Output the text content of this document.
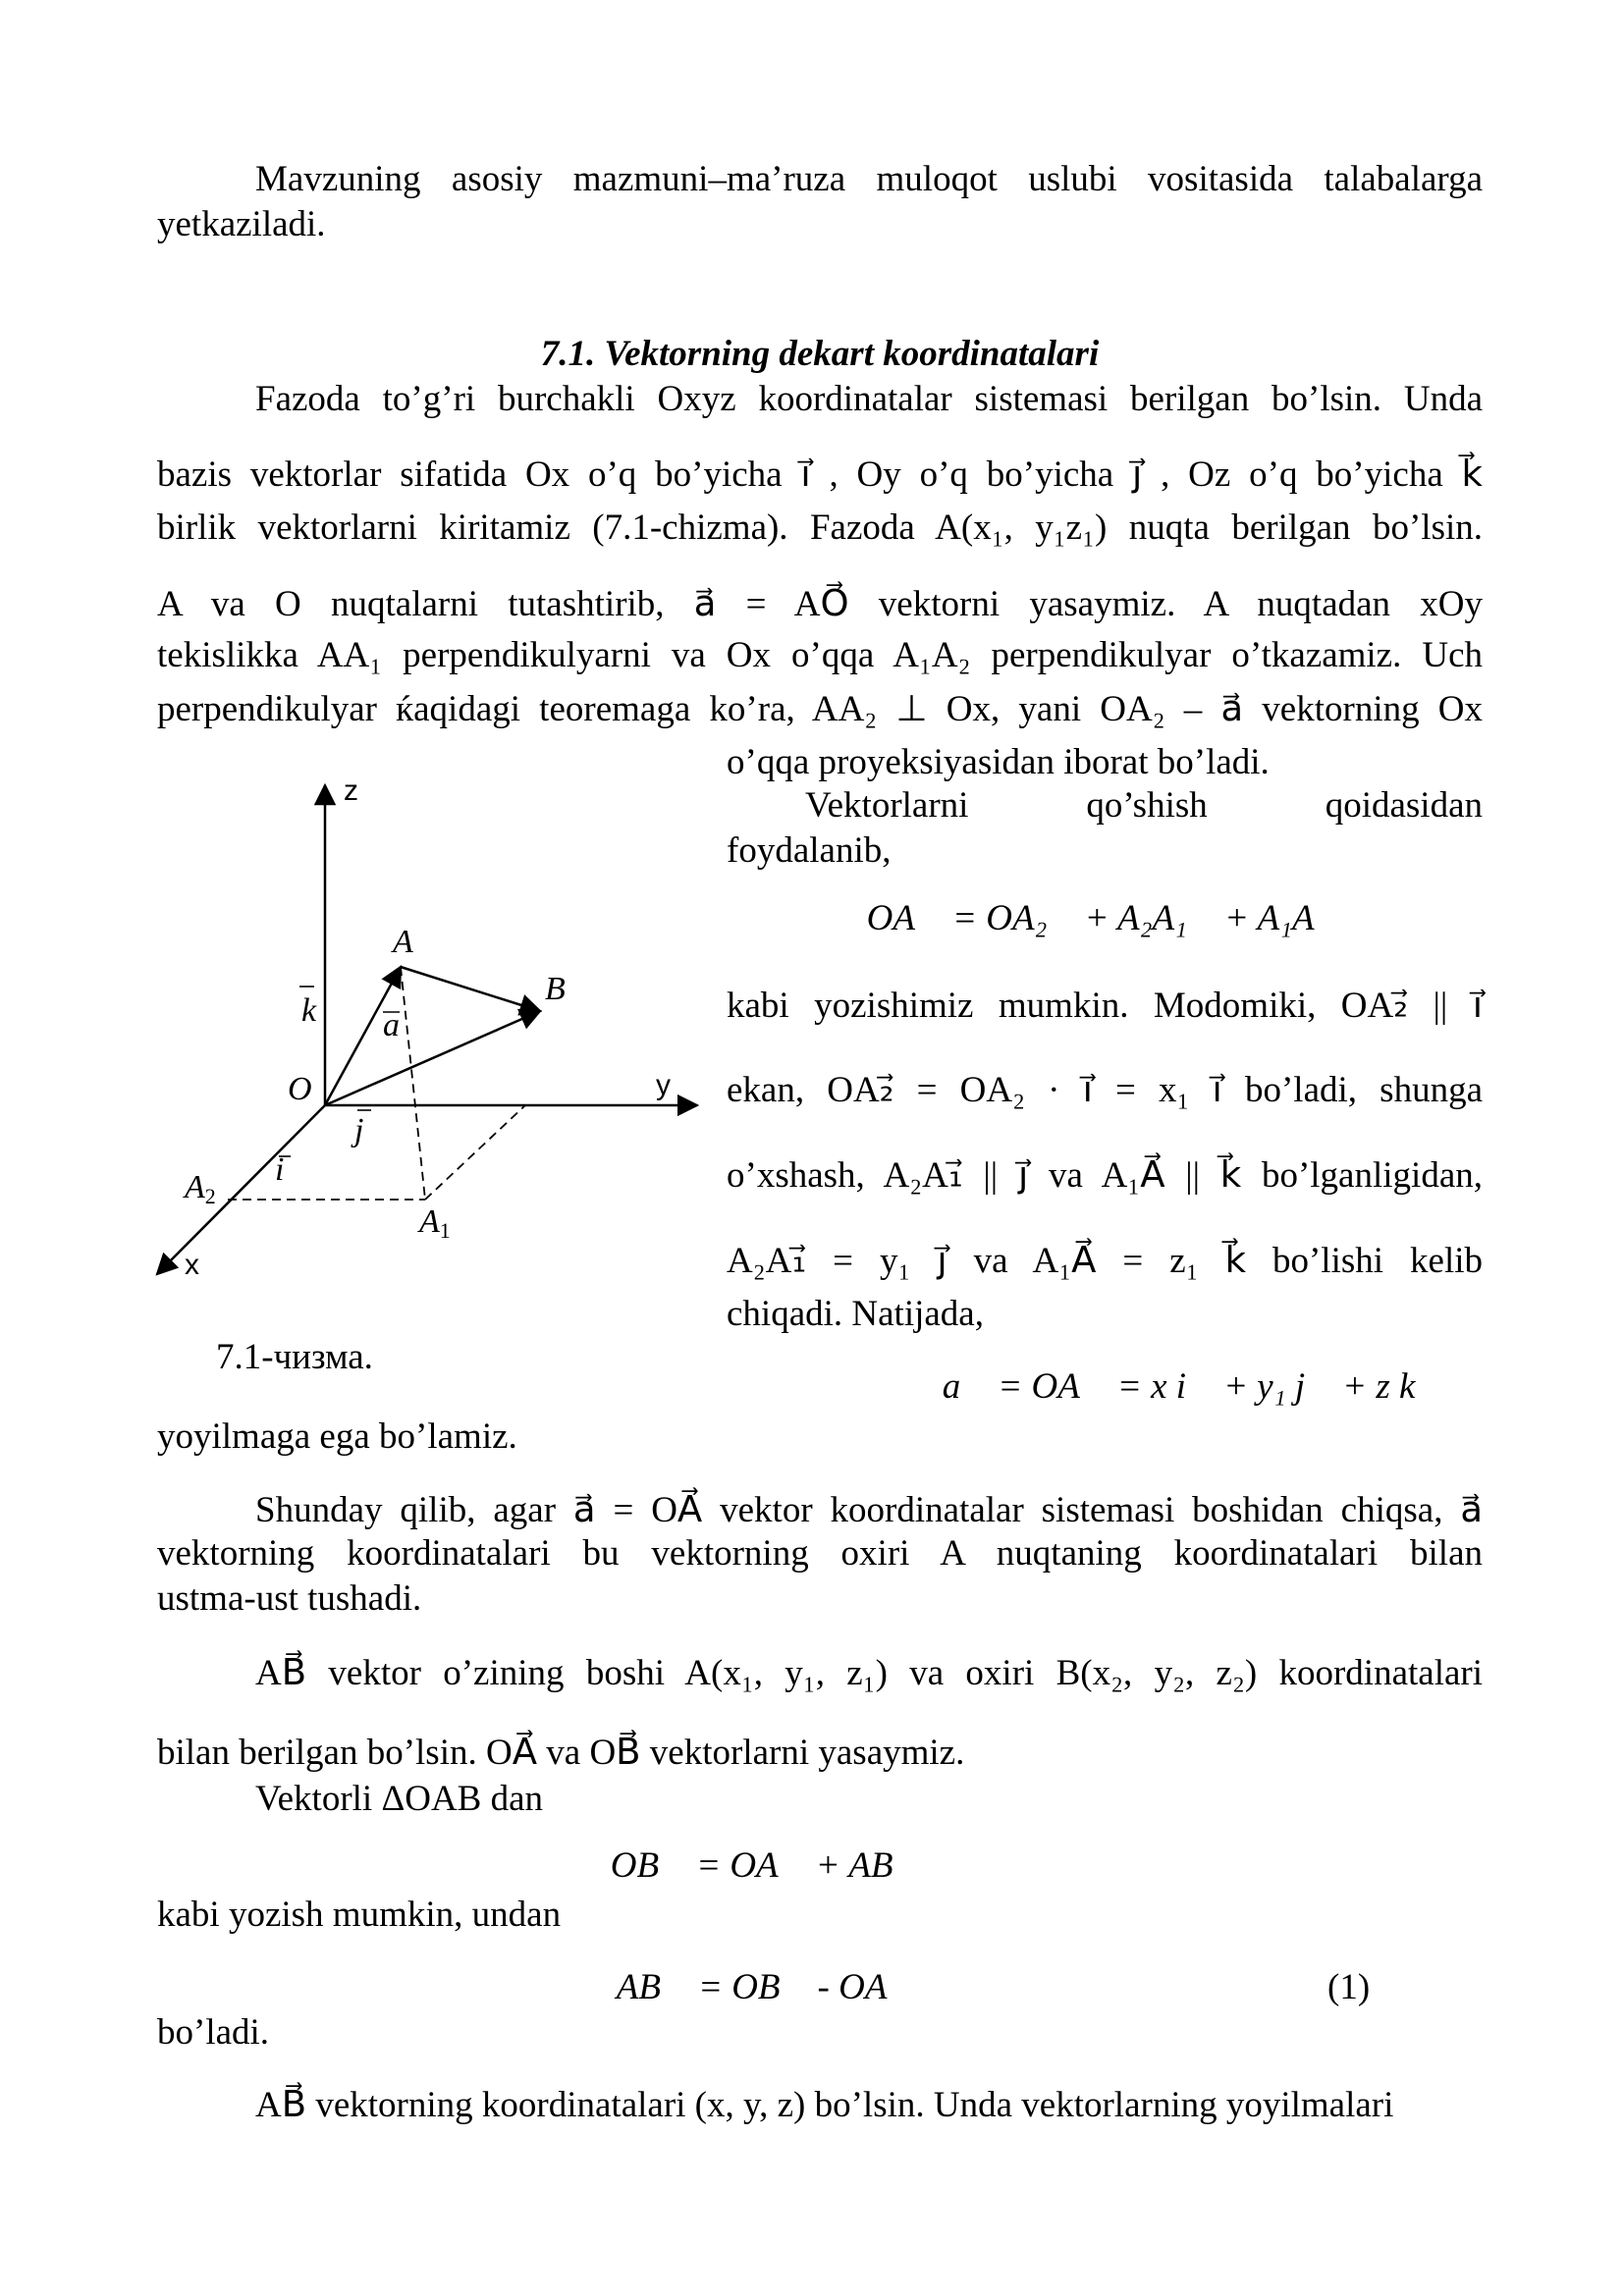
Mavzuning asosiy mazmuni–ma’ruza muloqot uslubi vositasida talabalarga
yetkaziladi.
7.1. Vektorning dekart koordinatalari
Fazoda to’g’ri burchakli Oxyz koordinatalar sistemasi berilgan bo’lsin. Unda
bazis vektorlar sifatida Ox o’q bo’yicha i⃗ , Oy o’q bo’yicha j⃗ , Oz o’q bo’yicha k⃗
birlik vektorlarni kiritamiz (7.1-chizma). Fazoda A(x₁, y₁z₁) nuqta berilgan bo’lsin.
A va O nuqtalarni tutashtirib, a⃗ = AO⃗ vektorni yasaymiz. A nuqtadan xOy
tekislikka AA₁ perpendikulyarni va Ox o’qqa A₁A₂ perpendikulyar o’tkazamiz. Uch
perpendikulyar ќaqidagi teoremaga ko’ra, AA₂ ⊥ Ox, yani OA₂ – a⃗ vektorning Ox
o’qqa proyeksiyasidan iborat bo’ladi.
Vektorlarni qo’shish qoidasidan
foydalanib,
OA⃗ = OA₂⃗ + A₂A₁⃗ + A₁A⃗
kabi yozishimiz mumkin. Modomiki, OA₂⃗ || i⃗
ekan, OA₂⃗ = OA₂ · i⃗ = x₁ i⃗ bo’ladi, shunga
o’xshash, A₂A₁⃗ || j⃗ va A₁A⃗ || k⃗ bo’lganligidan,
A₂A₁⃗ = y₁ j⃗ va A₁A⃗ = z₁ k⃗ bo’lishi kelib
chiqadi. Natijada,
z
y
x
A
B
O
A1
A2
k a
j
i
7.1-чизма.
a⃗ = OA⃗ = x i⃗ + y₁ j⃗ + z k⃗
yoyilmaga ega bo’lamiz.
Shunday qilib, agar a⃗ = OA⃗ vektor koordinatalar sistemasi boshidan chiqsa, a⃗
vektorning koordinatalari bu vektorning oxiri A nuqtaning koordinatalari bilan
ustma-ust tushadi.
AB⃗ vektor o’zining boshi A(x₁, y₁, z₁) va oxiri B(x₂, y₂, z₂) koordinatalari
bilan berilgan bo’lsin. OA⃗ va OB⃗ vektorlarni yasaymiz.
Vektorli ΔOAB dan
OB⃗ = OA⃗ + AB⃗
kabi yozish mumkin, undan
AB⃗ = OB⃗ - OA⃗	(1)
bo’ladi.
AB⃗ vektorning koordinatalari (x, y, z) bo’lsin. Unda vektorlarning yoyilmalari
